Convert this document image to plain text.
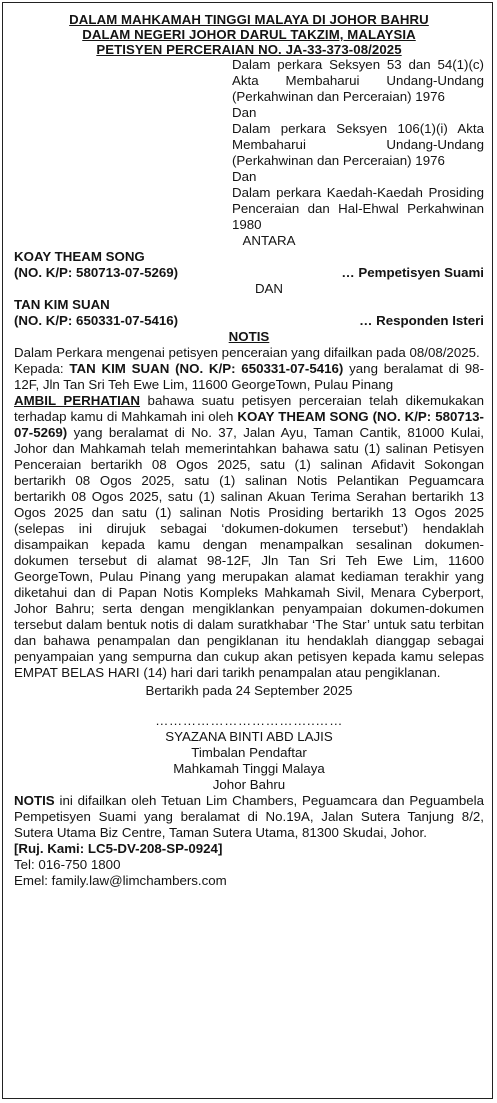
DALAM MAHKAMAH TINGGI MALAYA DI JOHOR BAHRU
DALAM NEGERI JOHOR DARUL TAKZIM, MALAYSIA
PETISYEN PERCERAIAN NO. JA-33-373-08/2025
Dalam perkara Seksyen 53 dan 54(1)(c) Akta Membaharui Undang-Undang (Perkahwinan dan Perceraian) 1976
Dan
Dalam perkara Seksyen 106(1)(i) Akta Membaharui Undang-Undang (Perkahwinan dan Perceraian) 1976
Dan
Dalam perkara Kaedah-Kaedah Prosiding Penceraian dan Hal-Ehwal Perkahwinan 1980
ANTARA
KOAY THEAM SONG
(NO. K/P: 580713-07-5269)	… Pempetisyen Suami
DAN
TAN KIM SUAN
(NO. K/P: 650331-07-5416)	… Responden Isteri
NOTIS
Dalam Perkara mengenai petisyen penceraian yang difailkan pada 08/08/2025.
Kepada: TAN KIM SUAN (NO. K/P: 650331-07-5416) yang beralamat di 98-12F, Jln Tan Sri Teh Ewe Lim, 11600 GeorgeTown, Pulau Pinang
AMBIL PERHATIAN bahawa suatu petisyen perceraian telah dikemukakan terhadap kamu di Mahkamah ini oleh KOAY THEAM SONG (NO. K/P: 580713-07-5269) yang beralamat di No. 37, Jalan Ayu, Taman Cantik, 81000 Kulai, Johor dan Mahkamah telah memerintahkan bahawa satu (1) salinan Petisyen Penceraian bertarikh 08 Ogos 2025, satu (1) salinan Afidavit Sokongan bertarikh 08 Ogos 2025, satu (1) salinan Notis Pelantikan Peguamcara bertarikh 08 Ogos 2025, satu (1) salinan Akuan Terima Serahan bertarikh 13 Ogos 2025 dan satu (1) salinan Notis Prosiding bertarikh 13 Ogos 2025 (selepas ini dirujuk sebagai ‘dokumen-dokumen tersebut’) hendaklah disampaikan kepada kamu dengan menampalkan sesalinan dokumen-dokumen tersebut di alamat 98-12F, Jln Tan Sri Teh Ewe Lim, 11600 GeorgeTown, Pulau Pinang yang merupakan alamat kediaman terakhir yang diketahui dan di Papan Notis Kompleks Mahkamah Sivil, Menara Cyberport, Johor Bahru; serta dengan mengiklankan penyampaian dokumen-dokumen tersebut dalam bentuk notis di dalam suratkhabar ‘The Star’ untuk satu terbitan dan bahawa penampalan dan pengiklanan itu hendaklah dianggap sebagai penyampaian yang sempurna dan cukup akan petisyen kepada kamu selepas EMPAT BELAS HARI (14) hari dari tarikh penampalan atau pengiklanan.
Bertarikh pada 24 September 2025
……………………………..……
SYAZANA BINTI ABD LAJIS
Timbalan Pendaftar
Mahkamah Tinggi Malaya
Johor Bahru
NOTIS ini difailkan oleh Tetuan Lim Chambers, Peguamcara dan Peguambela Pempetisyen Suami yang beralamat di No.19A, Jalan Sutera Tanjung 8/2, Sutera Utama Biz Centre, Taman Sutera Utama, 81300 Skudai, Johor.
[Ruj. Kami: LC5-DV-208-SP-0924]
Tel: 016-750 1800
Emel: family.law@limchambers.com
